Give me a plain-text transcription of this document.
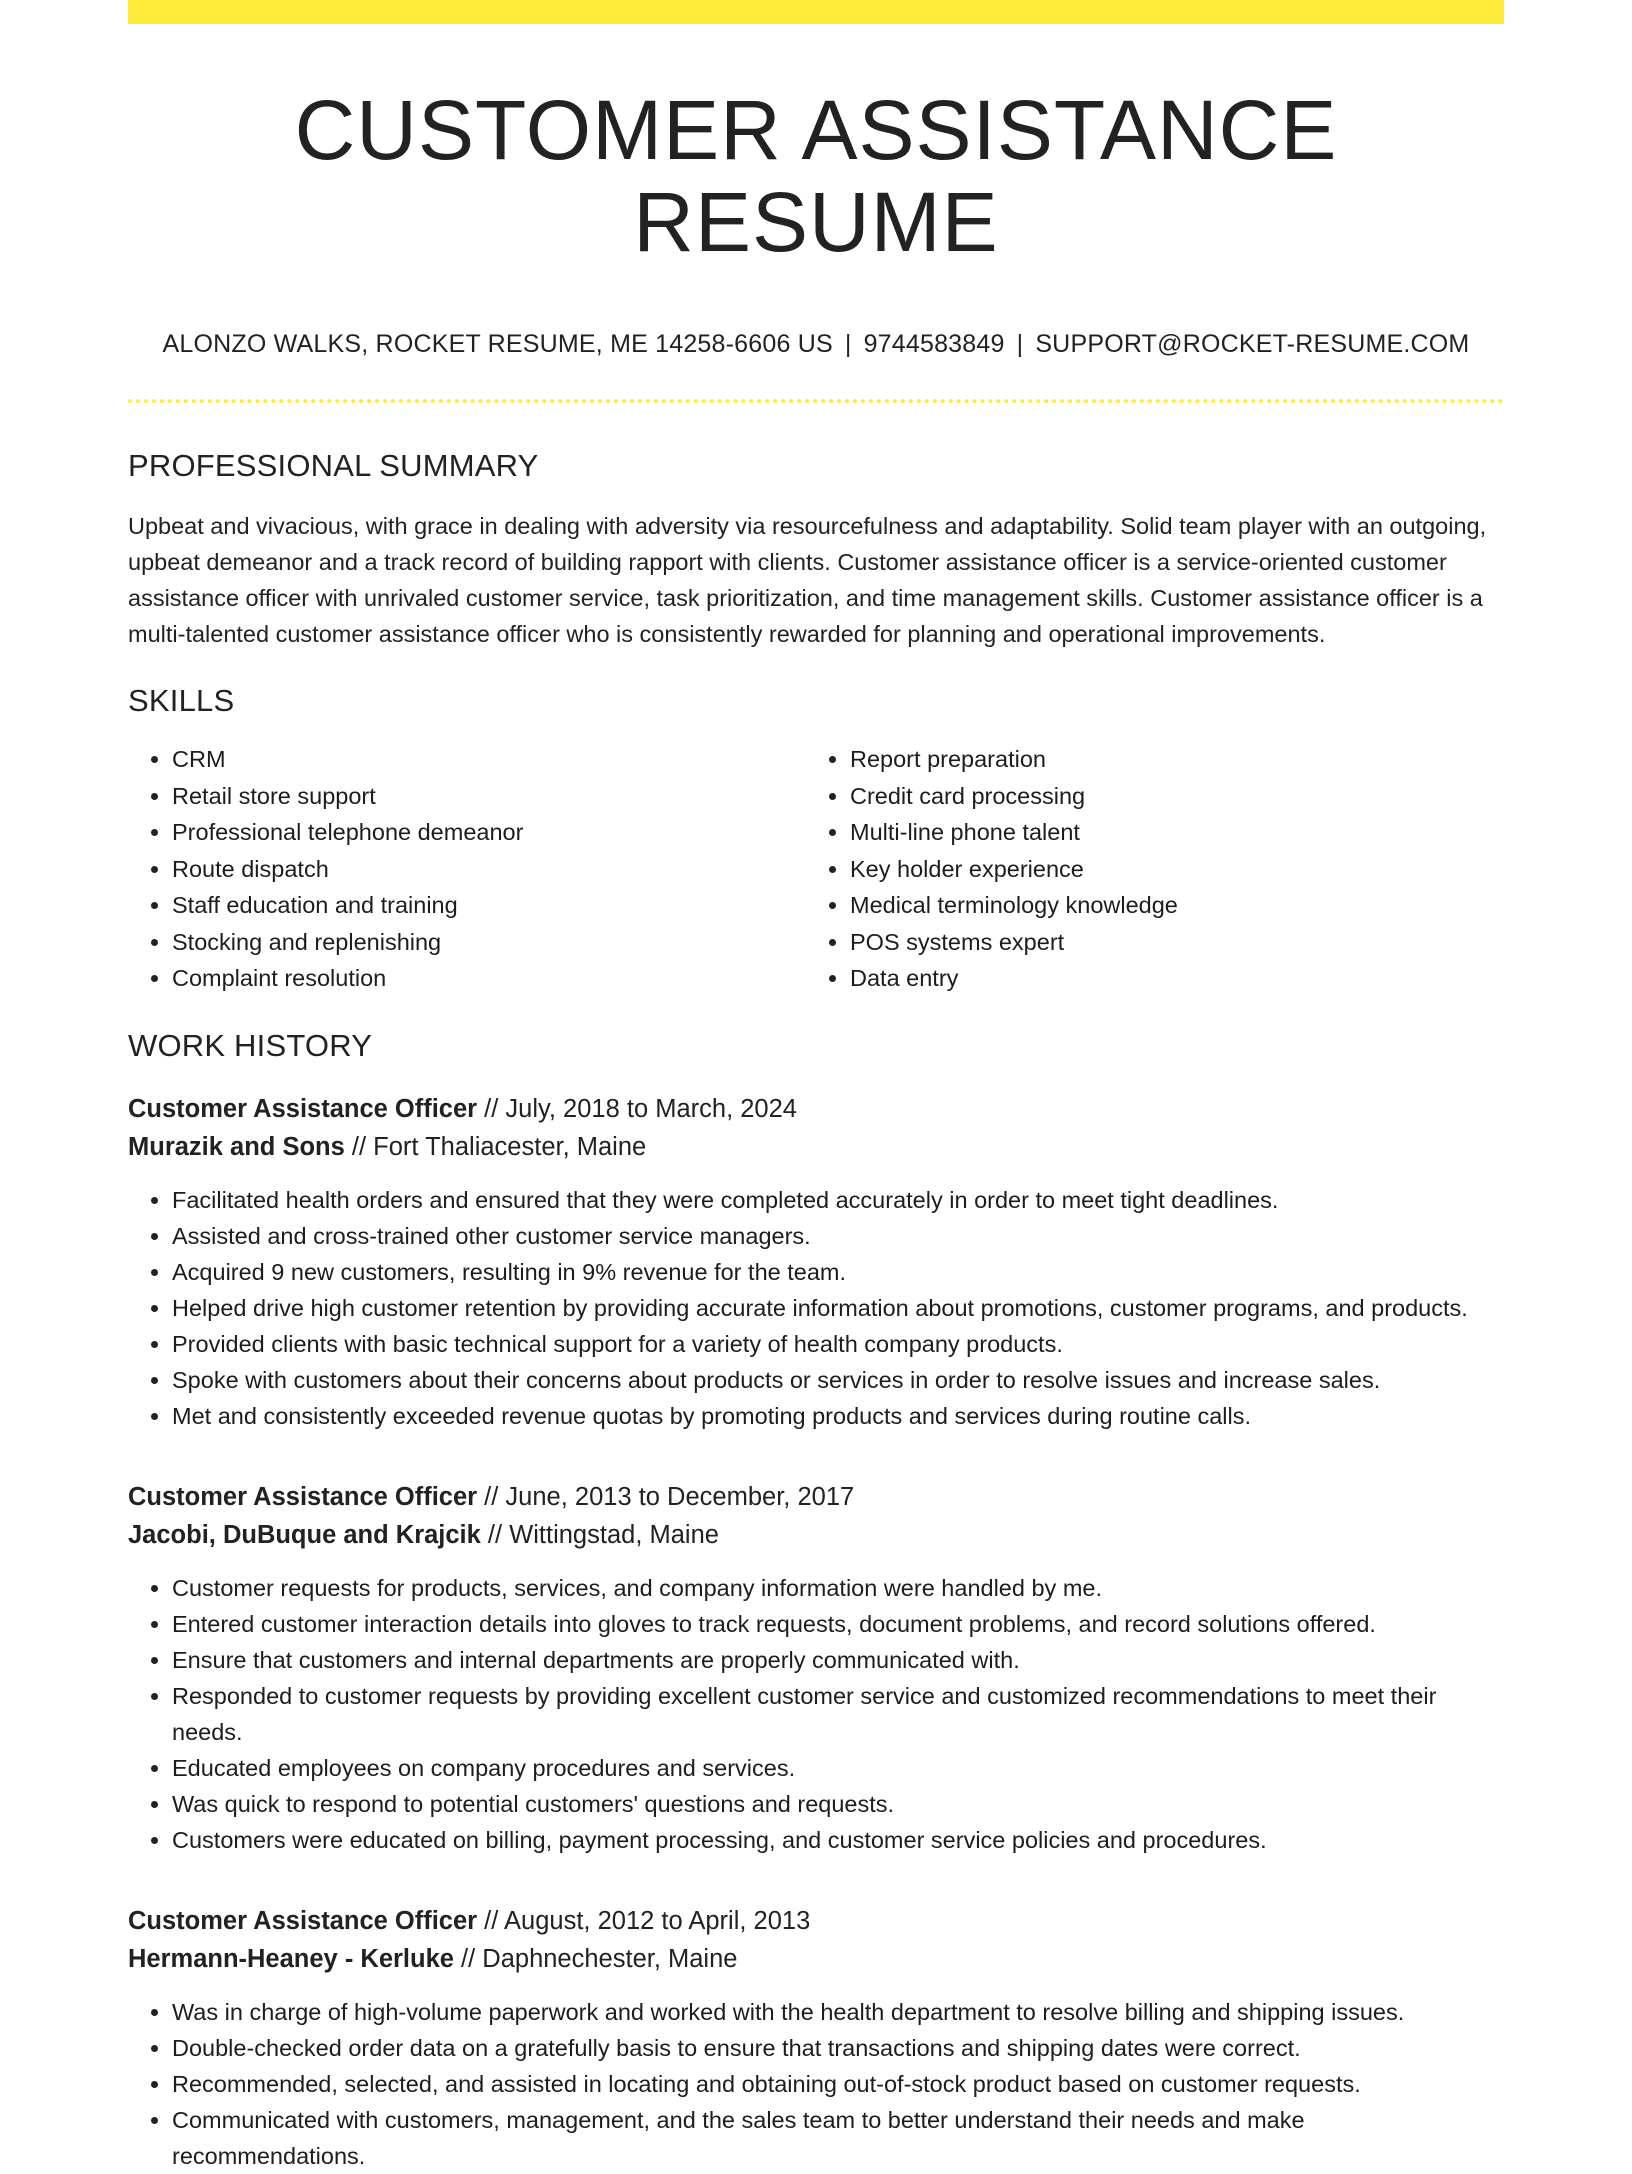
CUSTOMER ASSISTANCE RESUME
ALONZO WALKS, ROCKET RESUME, ME 14258-6606 US | 9744583849 | SUPPORT@ROCKET-RESUME.COM
PROFESSIONAL SUMMARY

Upbeat and vivacious, with grace in dealing with adversity via resourcefulness and adaptability. Solid team player with an outgoing, upbeat demeanor and a track record of building rapport with clients. Customer assistance officer is a service-oriented customer assistance officer with unrivaled customer service, task prioritization, and time management skills. Customer assistance officer is a multi-talented customer assistance officer who is consistently rewarded for planning and operational improvements.

SKILLS
• CRM
• Retail store support
• Professional telephone demeanor
• Route dispatch
• Staff education and training
• Stocking and replenishing
• Complaint resolution
• Report preparation
• Credit card processing
• Multi-line phone talent
• Key holder experience
• Medical terminology knowledge
• POS systems expert
• Data entry
WORK HISTORY
Customer Assistance Officer // July, 2018 to March, 2024
Murazik and Sons // Fort Thaliacester, Maine
• Facilitated health orders and ensured that they were completed accurately in order to meet tight deadlines.
• Assisted and cross-trained other customer service managers.
• Acquired 9 new customers, resulting in 9% revenue for the team.
• Helped drive high customer retention by providing accurate information about promotions, customer programs, and products.
• Provided clients with basic technical support for a variety of health company products.
• Spoke with customers about their concerns about products or services in order to resolve issues and increase sales.
• Met and consistently exceeded revenue quotas by promoting products and services during routine calls.
Customer Assistance Officer // June, 2013 to December, 2017
Jacobi, DuBuque and Krajcik // Wittingstad, Maine
• Customer requests for products, services, and company information were handled by me.
• Entered customer interaction details into gloves to track requests, document problems, and record solutions offered.
• Ensure that customers and internal departments are properly communicated with.
• Responded to customer requests by providing excellent customer service and customized recommendations to meet their needs.
• Educated employees on company procedures and services.
• Was quick to respond to potential customers' questions and requests.
• Customers were educated on billing, payment processing, and customer service policies and procedures.
Customer Assistance Officer // August, 2012 to April, 2013
Hermann-Heaney - Kerluke // Daphnechester, Maine
• Was in charge of high-volume paperwork and worked with the health department to resolve billing and shipping issues.
• Double-checked order data on a gratefully basis to ensure that transactions and shipping dates were correct.
• Recommended, selected, and assisted in locating and obtaining out-of-stock product based on customer requests.
• Communicated with customers, management, and the sales team to better understand their needs and make recommendations.
